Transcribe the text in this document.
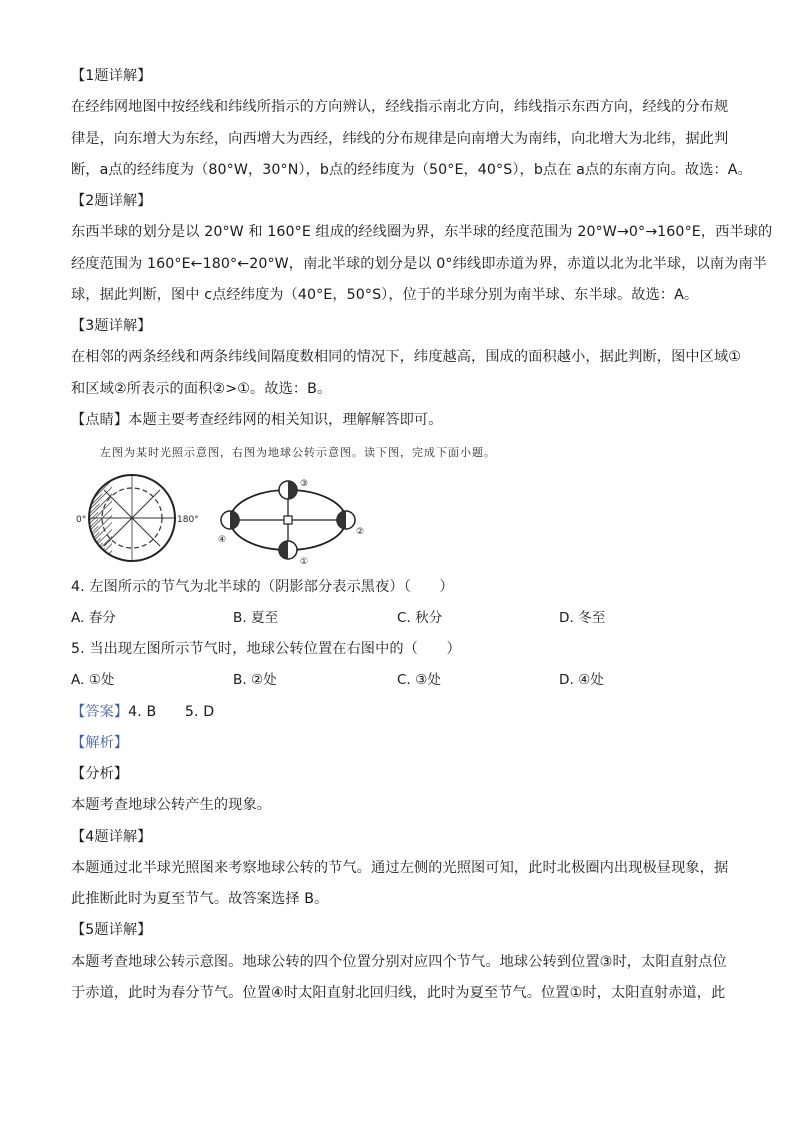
【1题详解】
在经纬网地图中按经线和纬线所指示的方向辨认，经线指示南北方向，纬线指示东西方向，经线的分布规
律是，向东增大为东经，向西增大为西经，纬线的分布规律是向南增大为南纬，向北增大为北纬，据此判
断，a点的经纬度为（80°W，30°N），b点的经纬度为（50°E，40°S），b点在 a点的东南方向。故选：A。
【2题详解】
东西半球的划分是以 20°W 和 160°E 组成的经线圈为界，东半球的经度范围为 20°W→0°→160°E，西半球的
经度范围为 160°E←180°←20°W，南北半球的划分是以 0°纬线即赤道为界，赤道以北为北半球，以南为南半
球，据此判断，图中 c点经纬度为（40°E，50°S），位于的半球分别为南半球、东半球。故选：A。
【3题详解】
在相邻的两条经线和两条纬线间隔度数相同的情况下，纬度越高，围成的面积越小，据此判断，图中区域①
和区域②所表示的面积②>①。故选：B。
【点睛】本题主要考查经纬网的相关知识，理解解答即可。
左图为某时光照示意图，右图为地球公转示意图。读下图，完成下面小题。
0°	180°
③
②
①
④
4. 左图所示的节气为北半球的（阴影部分表示黑夜）（　　）
A. 春分	B. 夏至	C. 秋分	D. 冬至
5. 当出现左图所示节气时，地球公转位置在右图中的（　　）
A. ①处	B. ②处	C. ③处	D. ④处
【答案】4. B　　5. D
【解析】
【分析】
本题考查地球公转产生的现象。
【4题详解】
本题通过北半球光照图来考察地球公转的节气。通过左侧的光照图可知，此时北极圈内出现极昼现象，据
此推断此时为夏至节气。故答案选择 B。
【5题详解】
本题考查地球公转示意图。地球公转的四个位置分别对应四个节气。地球公转到位置③时，太阳直射点位
于赤道，此时为春分节气。位置④时太阳直射北回归线，此时为夏至节气。位置①时，太阳直射赤道，此
